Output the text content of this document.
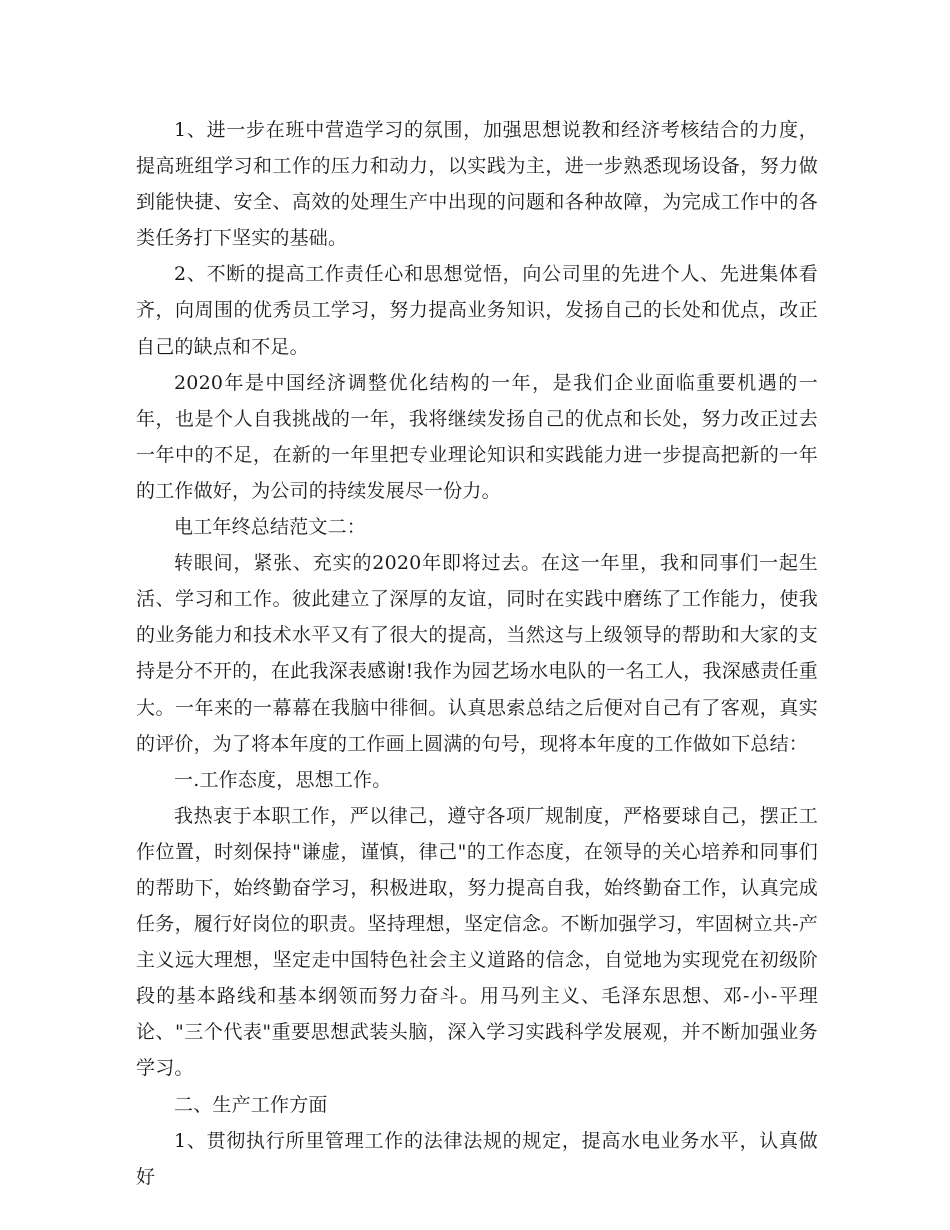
1、进一步在班中营造学习的氛围，加强思想说教和经济考核结合的力度，提高班组学习和工作的压力和动力，以实践为主，进一步熟悉现场设备，努力做到能快捷、安全、高效的处理生产中出现的问题和各种故障，为完成工作中的各类任务打下坚实的基础。

2、不断的提高工作责任心和思想觉悟，向公司里的先进个人、先进集体看齐，向周围的优秀员工学习，努力提高业务知识，发扬自己的长处和优点，改正自己的缺点和不足。

2020年是中国经济调整优化结构的一年，是我们企业面临重要机遇的一年，也是个人自我挑战的一年，我将继续发扬自己的优点和长处，努力改正过去一年中的不足，在新的一年里把专业理论知识和实践能力进一步提高把新的一年的工作做好，为公司的持续发展尽一份力。

电工年终总结范文二：

转眼间，紧张、充实的2020年即将过去。在这一年里，我和同事们一起生活、学习和工作。彼此建立了深厚的友谊，同时在实践中磨练了工作能力，使我的业务能力和技术水平又有了很大的提高，当然这与上级领导的帮助和大家的支持是分不开的，在此我深表感谢!我作为园艺场水电队的一名工人，我深感责任重大。一年来的一幕幕在我脑中徘徊。认真思索总结之后便对自己有了客观，真实的评价，为了将本年度的工作画上圆满的句号，现将本年度的工作做如下总结：

一.工作态度，思想工作。

我热衷于本职工作，严以律己，遵守各项厂规制度，严格要球自己，摆正工作位置，时刻保持"谦虚，谨慎，律己"的工作态度，在领导的关心培养和同事们的帮助下，始终勤奋学习，积极进取，努力提高自我，始终勤奋工作，认真完成任务，履行好岗位的职责。坚持理想，坚定信念。不断加强学习，牢固树立共-产主义远大理想，坚定走中国特色社会主义道路的信念，自觉地为实现党在初级阶段的基本路线和基本纲领而努力奋斗。用马列主义、毛泽东思想、邓-小-平理论、"三个代表"重要思想武装头脑，深入学习实践科学发展观，并不断加强业务学习。

二、生产工作方面

1、贯彻执行所里管理工作的法律法规的规定，提高水电业务水平，认真做好
